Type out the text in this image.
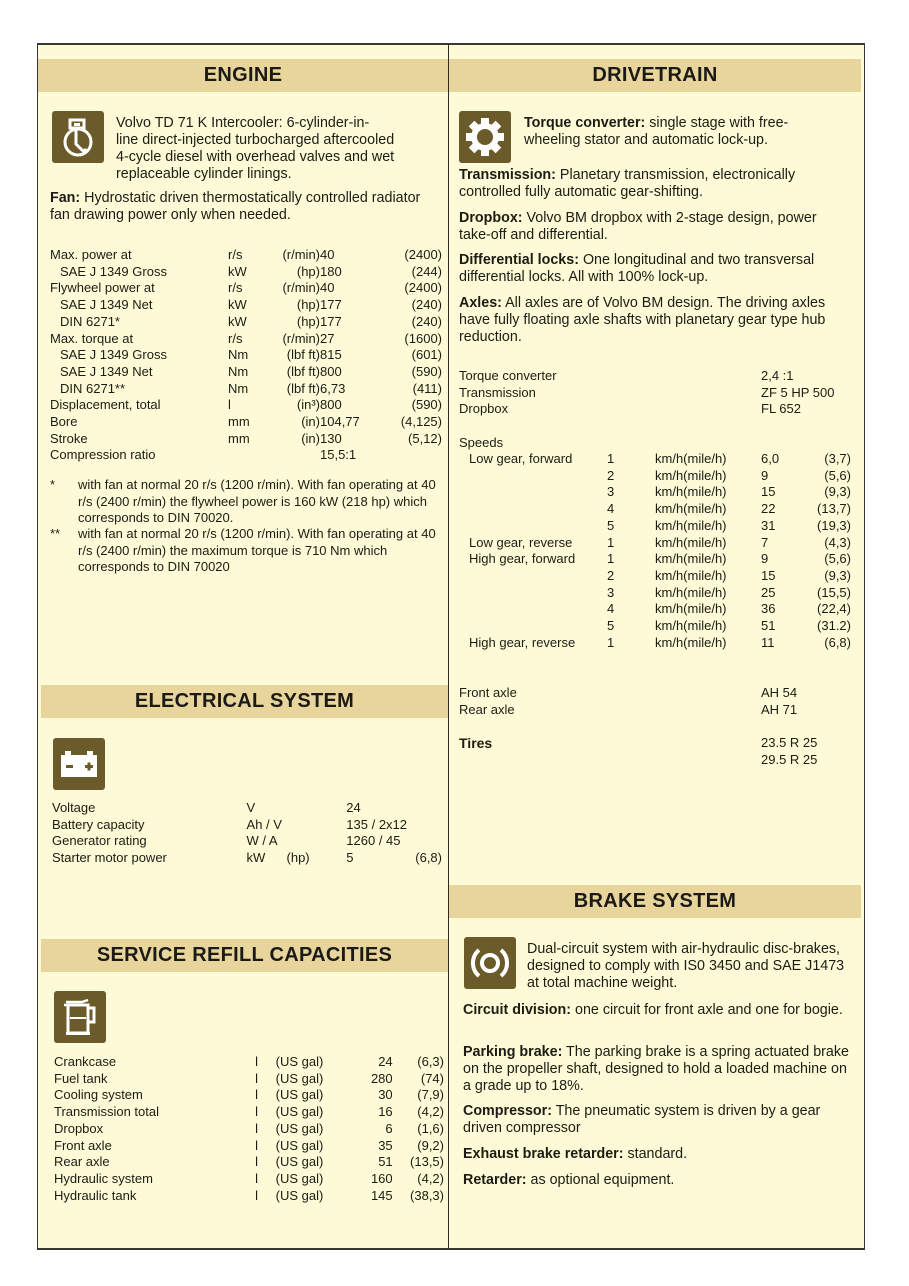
ENGINE
Volvo TD 71 K Intercooler: 6-cylinder-in-
line direct-injected turbocharged aftercooled
4-cycle diesel with overhead valves and wet
replaceable cylinder linings.
Fan: Hydrostatic driven thermostatically controlled radiator fan drawing power only when needed.
Max. power at	r/s	(r/min)	40	(2400)
SAE J 1349 Gross	kW	(hp)	180	(244)
Flywheel power at	r/s	(r/min)	40	(2400)
SAE J 1349 Net	kW	(hp)	177	(240)
DIN 6271*	kW	(hp)	177	(240)
Max. torque at	r/s	(r/min)	27	(1600)
SAE J 1349 Gross	Nm	(lbf ft)	815	(601)
SAE J 1349 Net	Nm	(lbf ft)	800	(590)
DIN 6271**	Nm	(lbf ft)	6,73	(411)
Displacement, total	l	(in³)	800	(590)
Bore	mm	(in)	104,77	(4,125)
Stroke	mm	(in)	130	(5,12)
Compression ratio			15,5:1	
*	with fan at normal 20 r/s (1200 r/min). With fan operating at 40 r/s (2400 r/min) the flywheel power is 160 kW (218 hp) which corresponds to DIN 70020.
**	with fan at normal 20 r/s (1200 r/min). With fan operating at 40 r/s (2400 r/min) the maximum torque is 710 Nm which corresponds to DIN 70020
ELECTRICAL SYSTEM
Voltage	V		24	
Battery capacity	Ah / V		135 / 2x12	
Generator rating	W / A		1260 / 45	
Starter motor power	kW	(hp)	5	(6,8)
SERVICE REFILL CAPACITIES
Crankcase	l	(US gal)	24	(6,3)
Fuel tank	l	(US gal)	280	(74)
Cooling system	l	(US gal)	30	(7,9)
Transmission total	l	(US gal)	16	(4,2)
Dropbox	l	(US gal)	6	(1,6)
Front axle	l	(US gal)	35	(9,2)
Rear axle	l	(US gal)	51	(13,5)
Hydraulic system	l	(US gal)	160	(4,2)
Hydraulic tank	l	(US gal)	145	(38,3)
DRIVETRAIN
Torque converter: single stage with free-wheeling stator and automatic lock-up.
Transmission: Planetary transmission, electronically controlled fully automatic gear-shifting.
Dropbox: Volvo BM dropbox with 2-stage design, power take-off and differential.
Differential locks: One longitudinal and two transversal differential locks. All with 100% lock-up.
Axles: All axles are of Volvo BM design. The driving axles have fully floating axle shafts with planetary gear type hub reduction.
Torque converter	2,4 :1
Transmission	ZF 5 HP 500
Dropbox	FL 652
Speeds
Low gear, forward	1	km/h(mile/h)	6,0	(3,7)
	2	km/h(mile/h)	9	(5,6)
	3	km/h(mile/h)	15	(9,3)
	4	km/h(mile/h)	22	(13,7)
	5	km/h(mile/h)	31	(19,3)
Low gear, reverse	1	km/h(mile/h)	7	(4,3)
High gear, forward	1	km/h(mile/h)	9	(5,6)
	2	km/h(mile/h)	15	(9,3)
	3	km/h(mile/h)	25	(15,5)
	4	km/h(mile/h)	36	(22,4)
	5	km/h(mile/h)	51	(31.2)
High gear, reverse	1	km/h(mile/h)	11	(6,8)
Front axle	AH 54
Rear axle	AH 71
Tires	23.5 R 25
29.5 R 25
BRAKE SYSTEM
Dual-circuit system with air-hydraulic disc-brakes, designed to comply with IS0 3450 and SAE J1473 at total machine weight.
Circuit division: one circuit for front axle and one for bogie.
Parking brake: The parking brake is a spring actuated brake on the propeller shaft, designed to hold a loaded machine on a grade up to 18%.
Compressor: The pneumatic system is driven by a gear driven compressor
Exhaust brake retarder: standard.
Retarder: as optional equipment.
